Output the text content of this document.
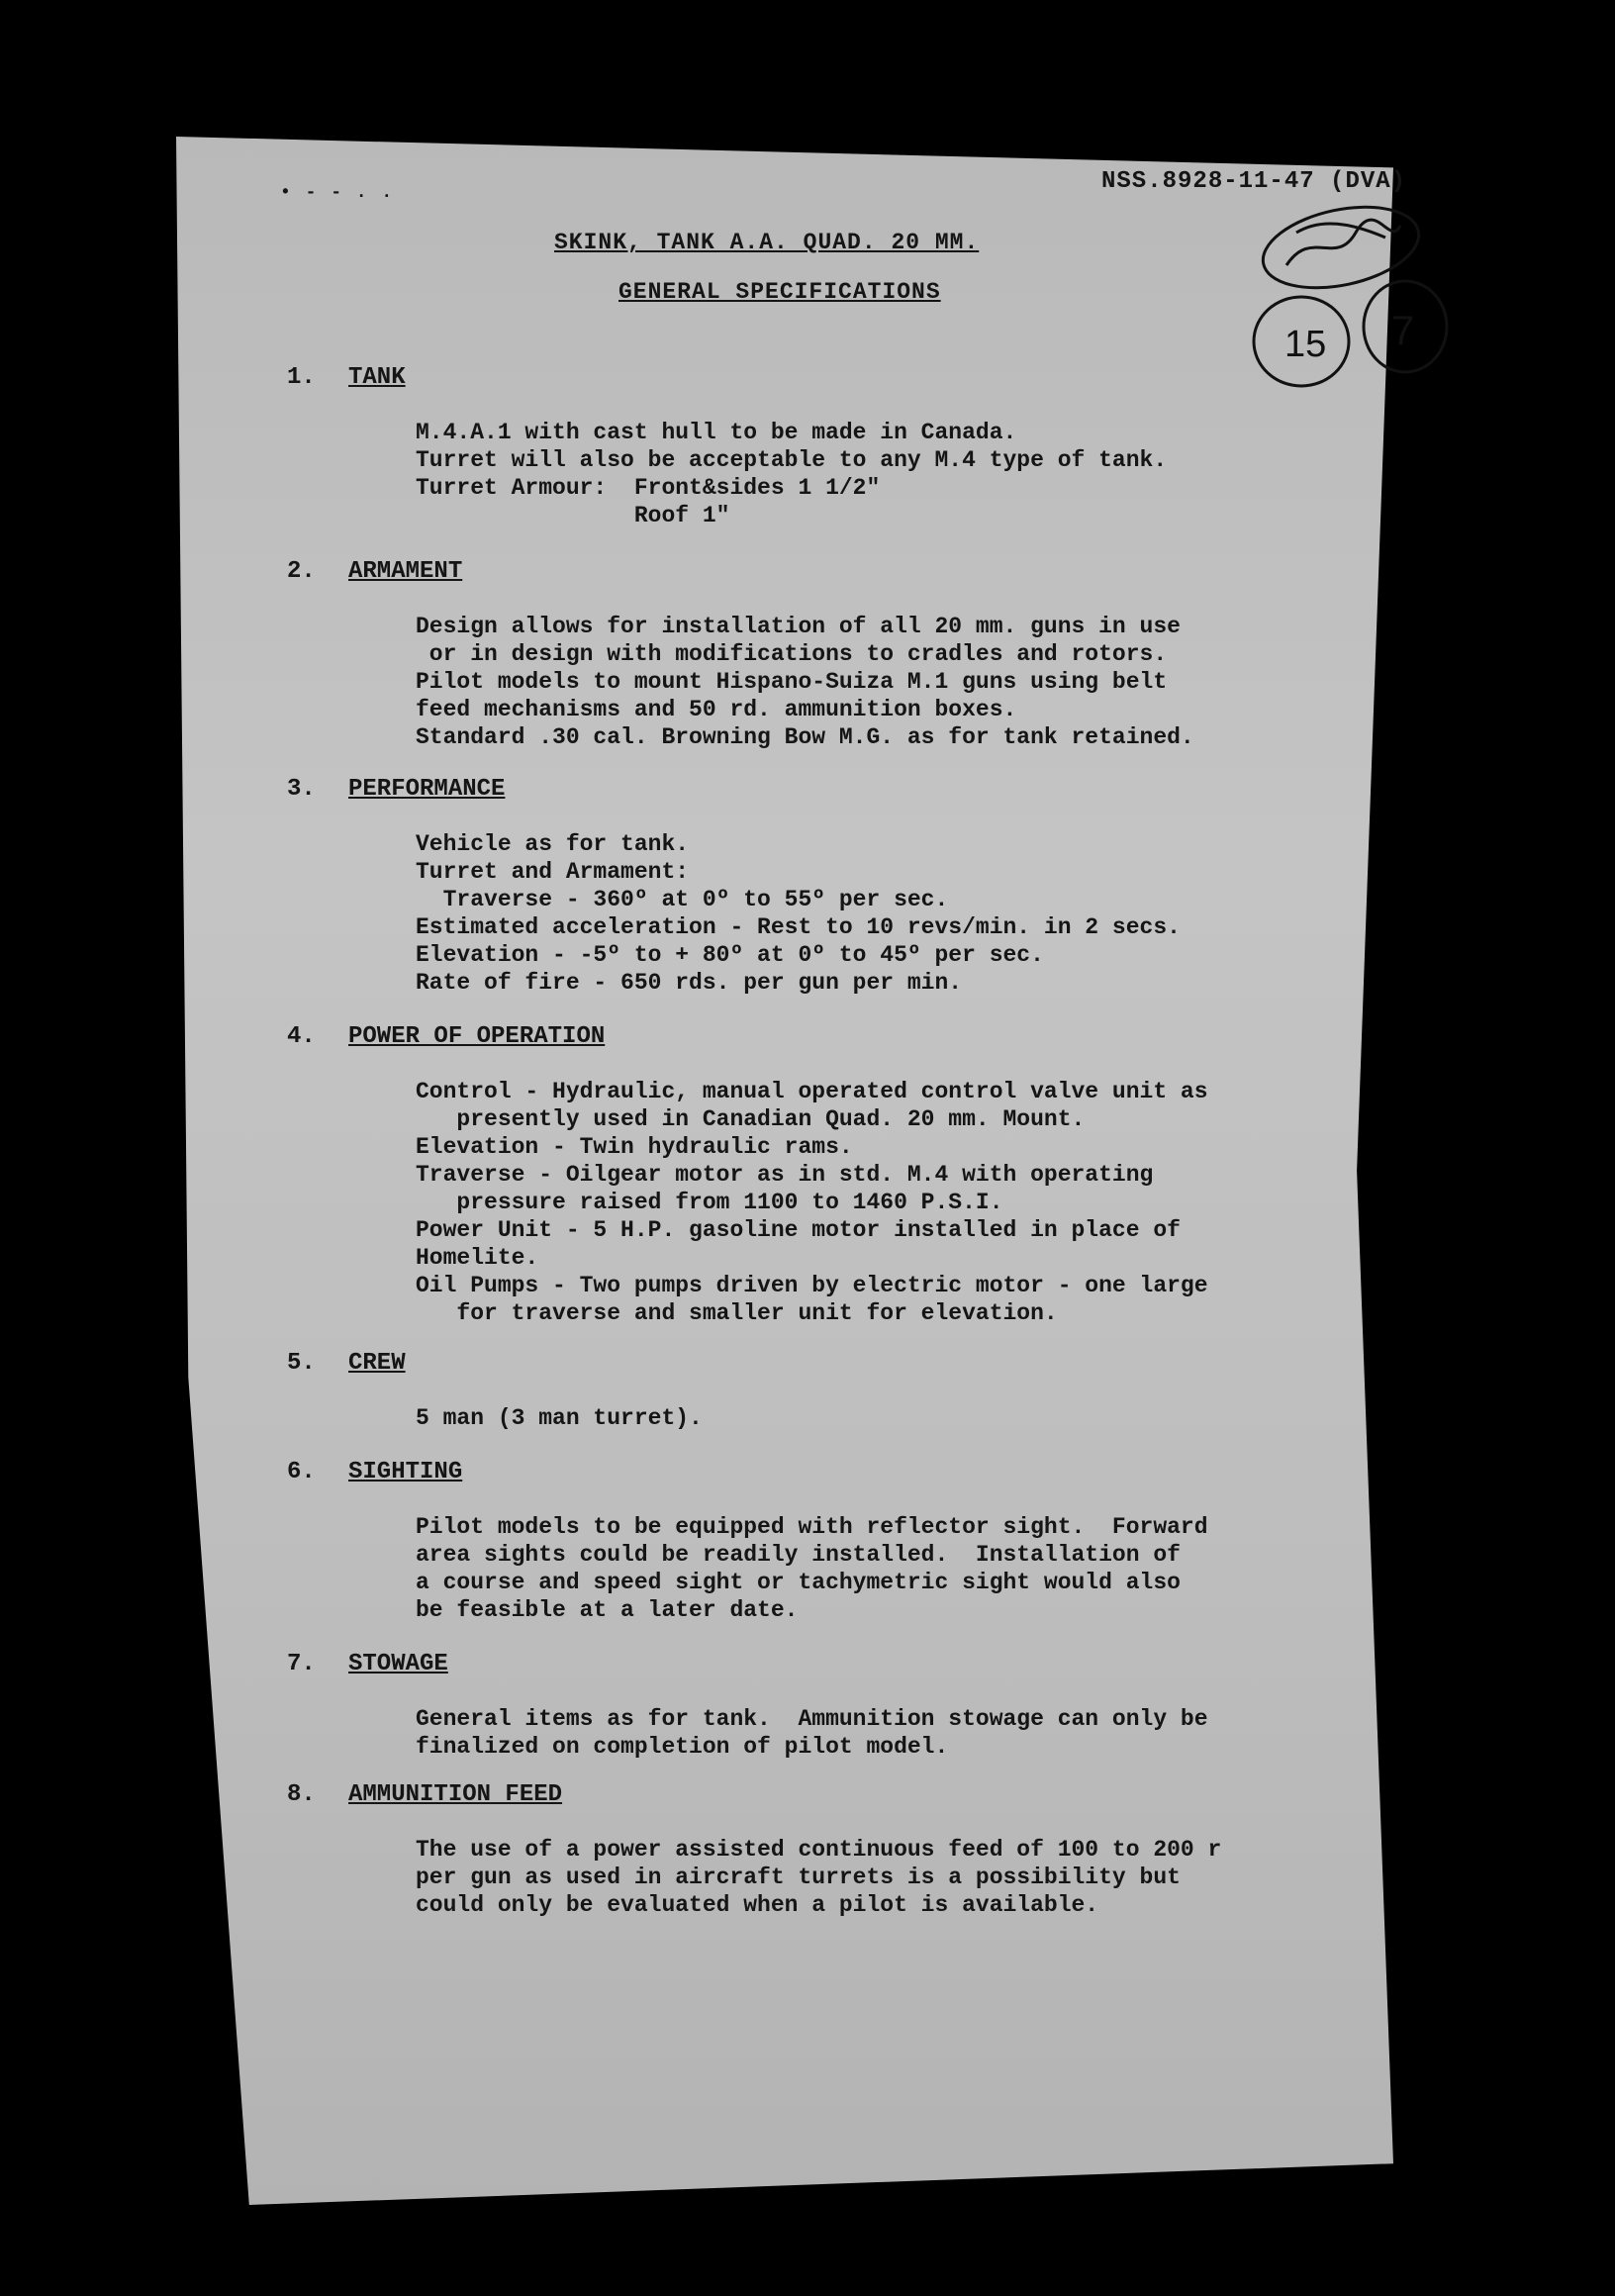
• - - . .	NSS.8928-11-47 (DVA)
SKINK, TANK A.A. QUAD. 20 MM.
GENERAL SPECIFICATIONS
15 7
1. TANK
M.4.A.1 with cast hull to be made in Canada.
Turret will also be acceptable to any M.4 type of tank.
Turret Armour:  Front&sides 1 1/2"
Roof 1"
2. ARMAMENT
Design allows for installation of all 20 mm. guns in use
or in design with modifications to cradles and rotors.
Pilot models to mount Hispano-Suiza M.1 guns using belt
feed mechanisms and 50 rd. ammunition boxes.
Standard .30 cal. Browning Bow M.G. as for tank retained.
3. PERFORMANCE
Vehicle as for tank.
Turret and Armament:
Traverse - 360º at 0º to 55º per sec.
Estimated acceleration - Rest to 10 revs/min. in 2 secs.
Elevation - -5º to + 80º at 0º to 45º per sec.
Rate of fire - 650 rds. per gun per min.
4. POWER OF OPERATION
Control - Hydraulic, manual operated control valve unit as
presently used in Canadian Quad. 20 mm. Mount.
Elevation - Twin hydraulic rams.
Traverse - Oilgear motor as in std. M.4 with operating
pressure raised from 1100 to 1460 P.S.I.
Power Unit - 5 H.P. gasoline motor installed in place of
Homelite.
Oil Pumps - Two pumps driven by electric motor - one large
for traverse and smaller unit for elevation.
5. CREW
5 man (3 man turret).
6. SIGHTING
Pilot models to be equipped with reflector sight.  Forward
area sights could be readily installed.  Installation of
a course and speed sight or tachymetric sight would also
be feasible at a later date.
7. STOWAGE
General items as for tank.  Ammunition stowage can only be
finalized on completion of pilot model.
8. AMMUNITION FEED
The use of a power assisted continuous feed of 100 to 200 r
per gun as used in aircraft turrets is a possibility but
could only be evaluated when a pilot is available.
